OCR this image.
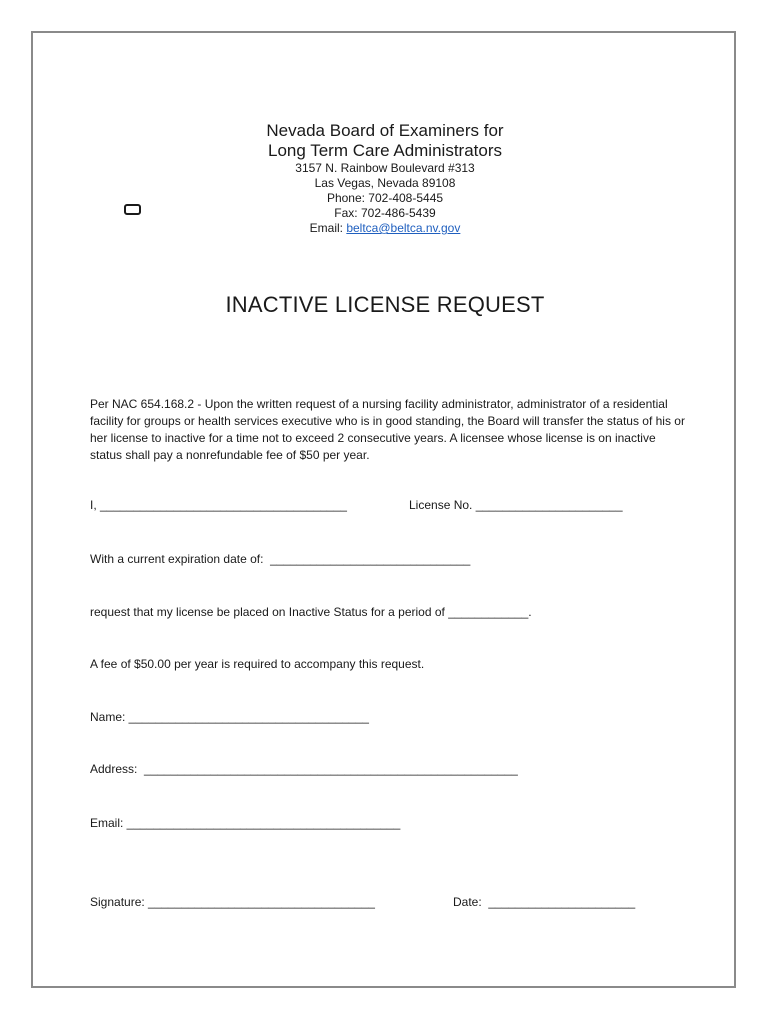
Nevada Board of Examiners for
Long Term Care Administrators
3157 N. Rainbow Boulevard #313
Las Vegas, Nevada 89108
Phone: 702-408-5445
Fax: 702-486-5439
Email: beltca@beltca.nv.gov
INACTIVE LICENSE REQUEST
Per NAC 654.168.2 - Upon the written request of a nursing facility administrator, administrator of a residential facility for groups or health services executive who is in good standing, the Board will transfer the status of his or her license to inactive for a time not to exceed 2 consecutive years. A licensee whose license is on inactive status shall pay a nonrefundable fee of $50 per year.
I, _____________________________________	License No. ______________________
With a current expiration date of:  ______________________________
request that my license be placed on Inactive Status for a period of ____________.
A fee of $50.00 per year is required to accompany this request.
Name: ____________________________________
Address:  ________________________________________________________
Email: _________________________________________
Signature: __________________________________	Date:  ______________________
